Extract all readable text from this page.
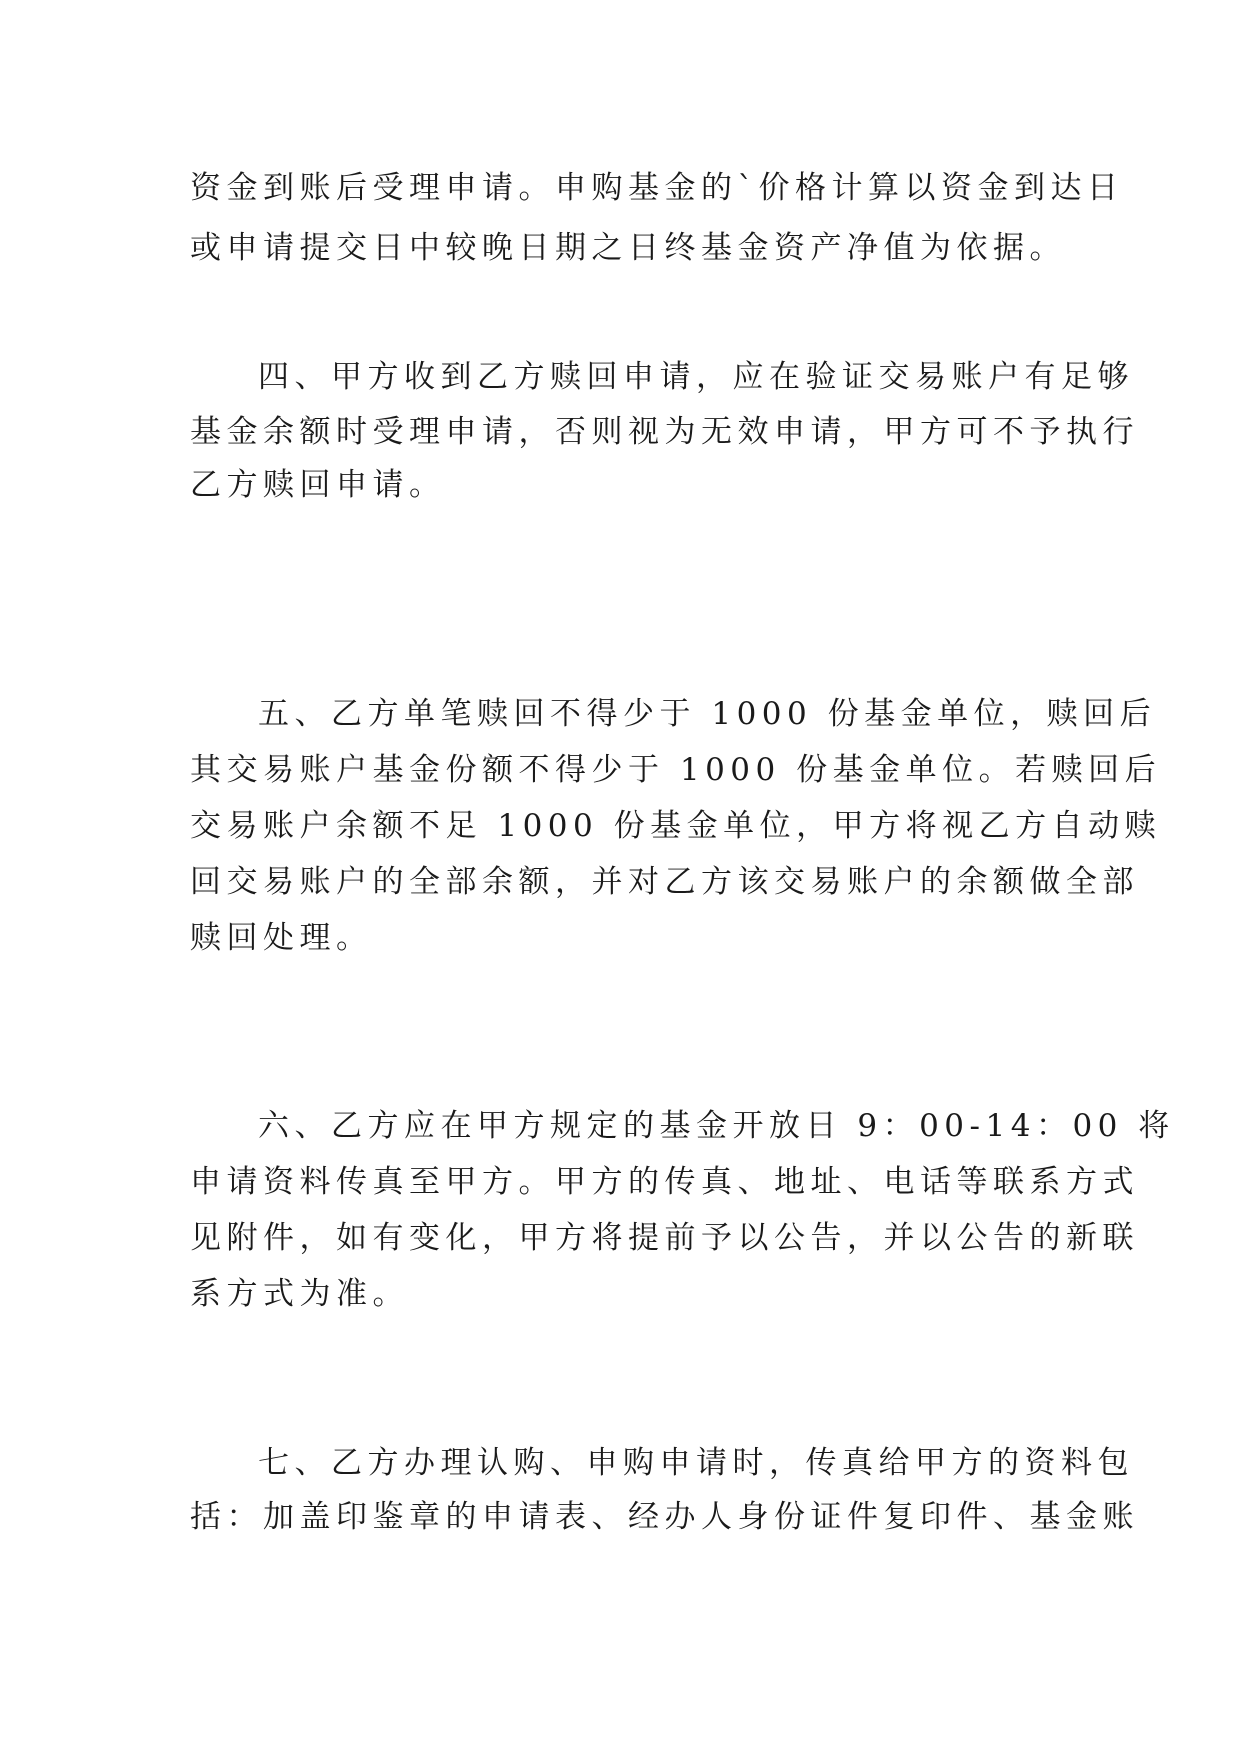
资金到账后受理申请。申购基金的`价格计算以资金到达日
或申请提交日中较晚日期之日终基金资产净值为依据。
四、甲方收到乙方赎回申请，应在验证交易账户有足够
基金余额时受理申请，否则视为无效申请，甲方可不予执行
乙方赎回申请。
五、乙方单笔赎回不得少于 1000 份基金单位，赎回后
其交易账户基金份额不得少于 1000 份基金单位。若赎回后
交易账户余额不足 1000 份基金单位，甲方将视乙方自动赎
回交易账户的全部余额，并对乙方该交易账户的余额做全部
赎回处理。
六、乙方应在甲方规定的基金开放日 9：00-14：00 将
申请资料传真至甲方。甲方的传真、地址、电话等联系方式
见附件，如有变化，甲方将提前予以公告，并以公告的新联
系方式为准。
七、乙方办理认购、申购申请时，传真给甲方的资料包
括：加盖印鉴章的申请表、经办人身份证件复印件、基金账
